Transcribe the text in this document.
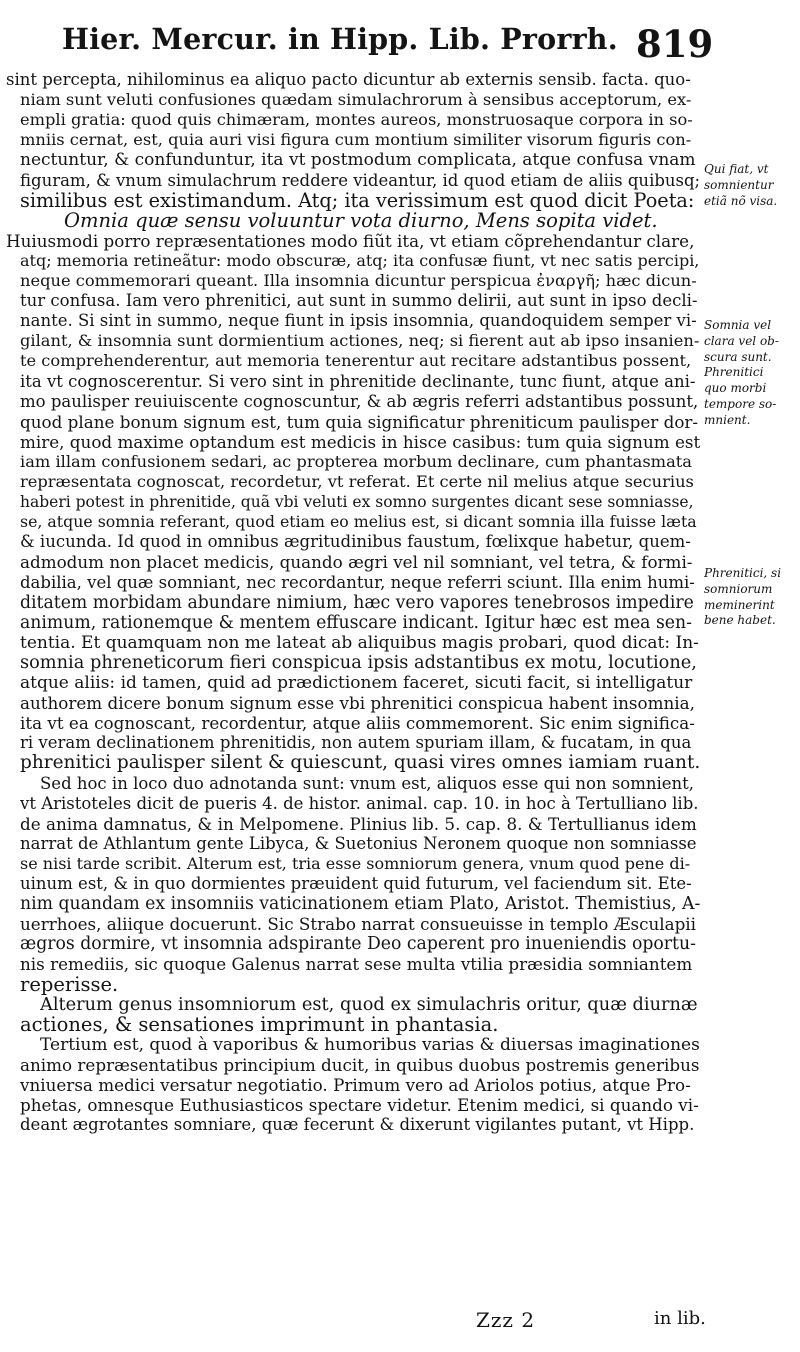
Hier. Mercur. in Hipp. Lib. Prorrh. 819
sint percepta, nihilominus ea aliquo pacto dicuntur ab externis sensib. facta. quo-
niam sunt veluti confusiones quædam simulachrorum à sensibus acceptorum, ex-
empli gratia: quod quis chimæram, montes aureos, monstruosaque corpora in so-
mniis cernat, est, quia auri visi figura cum montium similiter visorum figuris con-
nectuntur, & confunduntur, ita vt postmodum complicata, atque confusa vnam
figuram, & vnum simulachrum reddere videantur, id quod etiam de aliis quibusq;
similibus est existimandum. Atq; ita verissimum est quod dicit Poeta:
Omnia quæ sensu voluuntur vota diurno, Mens sopita videt.
Huiusmodi porro repræsentationes modo fiũt ita, vt etiam cõprehendantur clare,
atq; memoria retineãtur: modo obscuræ, atq; ita confusæ fiunt, vt nec satis percipi,
neque commemorari queant. Illa insomnia dicuntur perspicua ἐναργῆ; hæc dicun-
tur confusa. Iam vero phrenitici, aut sunt in summo delirii, aut sunt in ipso decli-
nante. Si sint in summo, neque fiunt in ipsis insomnia, quandoquidem semper vi-
gilant, & insomnia sunt dormientium actiones, neq; si fierent aut ab ipso insanien-
te comprehenderentur, aut memoria tenerentur aut recitare adstantibus possent,
ita vt cognoscerentur. Si vero sint in phrenitide declinante, tunc fiunt, atque ani-
mo paulisper reuiuiscente cognoscuntur, & ab ægris referri adstantibus possunt,
quod plane bonum signum est, tum quia significatur phreniticum paulisper dor-
mire, quod maxime optandum est medicis in hisce casibus: tum quia signum est
iam illam confusionem sedari, ac propterea morbum declinare, cum phantasmata
repræsentata cognoscat, recordetur, vt referat. Et certe nil melius atque securius
haberi potest in phrenitide, quã vbi veluti ex somno surgentes dicant sese somniasse,
se, atque somnia referant, quod etiam eo melius est, si dicant somnia illa fuisse læta
& iucunda. Id quod in omnibus ægritudinibus faustum, fœlixque habetur, quem-
admodum non placet medicis, quando ægri vel nil somniant, vel tetra, & formi-
dabilia, vel quæ somniant, nec recordantur, neque referri sciunt. Illa enim humi-
ditatem morbidam abundare nimium, hæc vero vapores tenebrosos impedire
animum, rationemque & mentem effuscare indicant. Igitur hæc est mea sen-
tentia. Et quamquam non me lateat ab aliquibus magis probari, quod dicat: In-
somnia phreneticorum fieri conspicua ipsis adstantibus ex motu, locutione,
atque aliis: id tamen, quid ad prædictionem faceret, sicuti facit, si intelligatur
authorem dicere bonum signum esse vbi phrenitici conspicua habent insomnia,
ita vt ea cognoscant, recordentur, atque aliis commemorent. Sic enim significa-
ri veram declinationem phrenitidis, non autem spuriam illam, & fucatam, in qua
phrenitici paulisper silent & quiescunt, quasi vires omnes iamiam ruant.
Sed hoc in loco duo adnotanda sunt: vnum est, aliquos esse qui non somnient,
vt Aristoteles dicit de pueris 4. de histor. animal. cap. 10. in hoc à Tertulliano lib.
de anima damnatus, & in Melpomene. Plinius lib. 5. cap. 8. & Tertullianus idem
narrat de Athlantum gente Libyca, & Suetonius Neronem quoque non somniasse
se nisi tarde scribit. Alterum est, tria esse somniorum genera, vnum quod pene di-
uinum est, & in quo dormientes præuident quid futurum, vel faciendum sit. Ete-
nim quandam ex insomniis vaticinationem etiam Plato, Aristot. Themistius, A-
uerrhoes, aliique docuerunt. Sic Strabo narrat consueuisse in templo Æsculapii
ægros dormire, vt insomnia adspirante Deo caperent pro inueniendis oportu-
nis remediis, sic quoque Galenus narrat sese multa vtilia præsidia somniantem
reperisse.
Alterum genus insomniorum est, quod ex simulachris oritur, quæ diurnæ
actiones, & sensationes imprimunt in phantasia.
Tertium est, quod à vaporibus & humoribus varias & diuersas imaginationes
animo repræsentatibus principium ducit, in quibus duobus postremis generibus
vniuersa medici versatur negotiatio. Primum vero ad Ariolos potius, atque Pro-
phetas, omnesque Euthusiasticos spectare videtur. Etenim medici, si quando vi-
deant ægrotantes somniare, quæ fecerunt & dixerunt vigilantes putant, vt Hipp.
Qui fiat, vt
somnientur
etiã nõ visa.
Somnia vel
clara vel ob-
scura sunt.
Phrenitici
quo morbi
tempore so-
mnient.
Phrenitici, si
somniorum
meminerint
bene habet.
Zzz 2	in lib.
